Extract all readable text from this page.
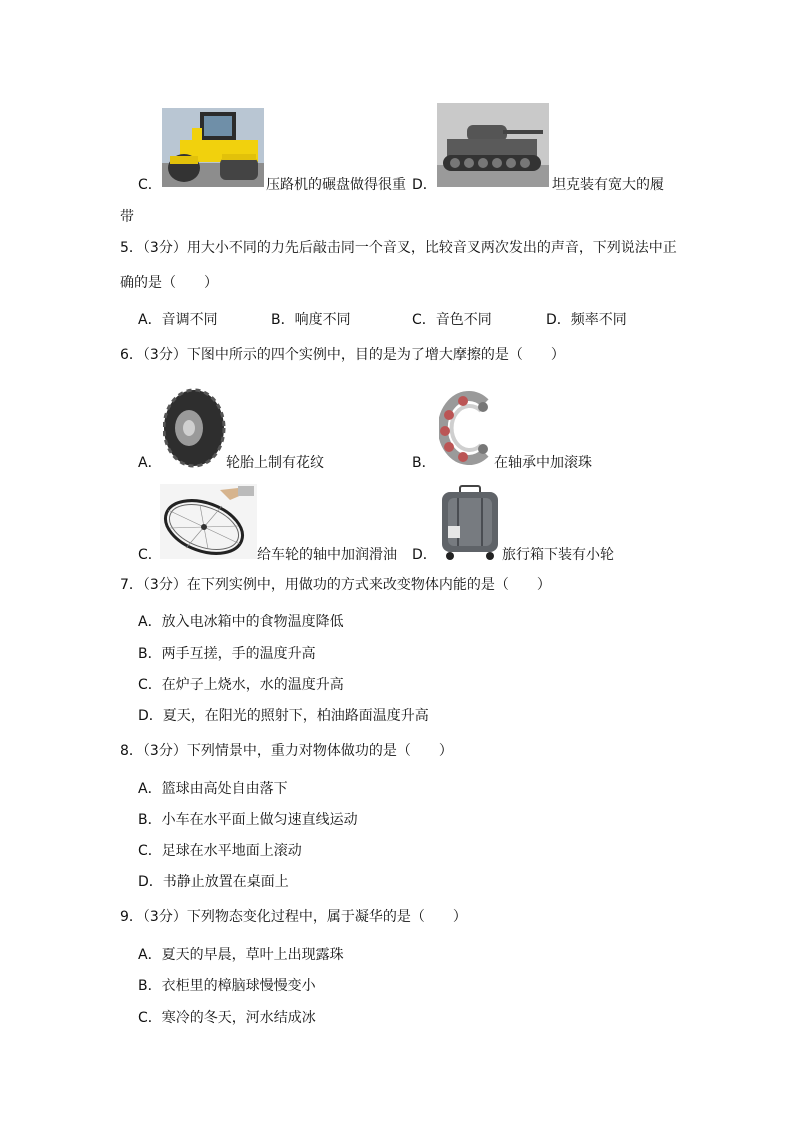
C．	压路机的碾盘做得很重 D．	坦克装有宽大的履
带
5．（3分）用大小不同的力先后敲击同一个音叉，比较音叉两次发出的声音，下列说法中正
确的是（　　）
A．音调不同	B．响度不同	C．音色不同	D．频率不同
6．（3分）下图中所示的四个实例中，目的是为了增大摩擦的是（　　）
A．	轮胎上制有花纹	B．	在轴承中加滚珠
C．	给车轮的轴中加润滑油 D．	旅行箱下装有小轮
7．（3分）在下列实例中，用做功的方式来改变物体内能的是（　　）
A．放入电冰箱中的食物温度降低
B．两手互搓，手的温度升高
C．在炉子上烧水，水的温度升高
D．夏天，在阳光的照射下，柏油路面温度升高
8．（3分）下列情景中，重力对物体做功的是（　　）
A．篮球由高处自由落下
B．小车在水平面上做匀速直线运动
C．足球在水平地面上滚动
D．书静止放置在桌面上
9．（3分）下列物态变化过程中，属于凝华的是（　　）
A．夏天的早晨，草叶上出现露珠
B．衣柜里的樟脑球慢慢变小
C．寒冷的冬天，河水结成冰
